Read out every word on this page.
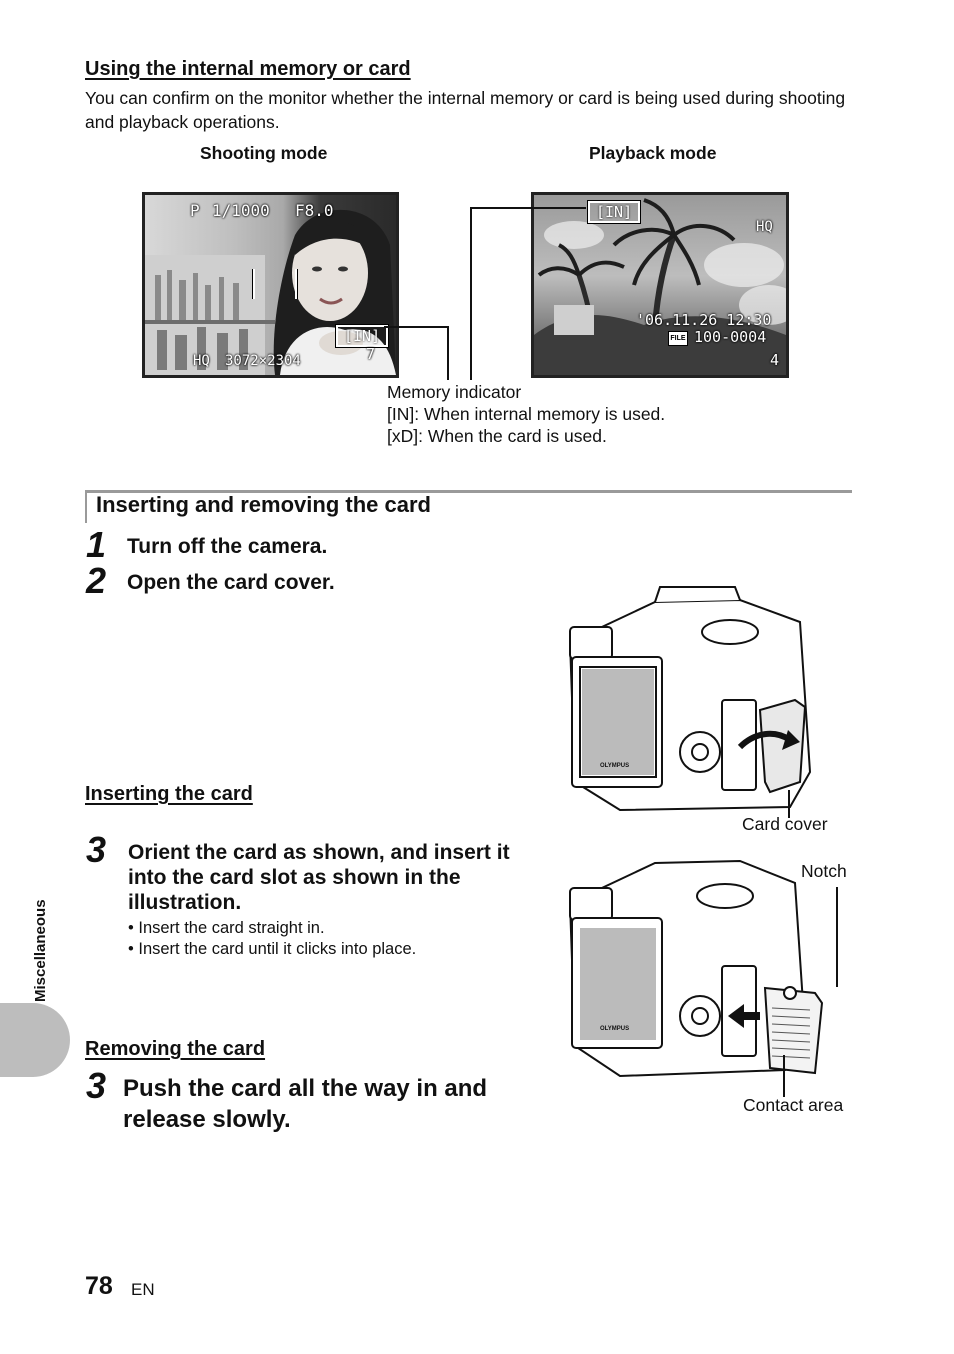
Using the internal memory or card
You can confirm on the monitor whether the internal memory or card is being used during shooting and playback operations.
Shooting mode	Playback mode
P 1/1000 F8.0
[IN]
HQ 3072×2304	7
[IN]
HQ
'06.11.26 12:30
FILE 100-0004
4
Memory indicator
[IN]: When internal memory is used.
[xD]: When the card is used.
Inserting and removing the card
1 Turn off the camera.
2 Open the card cover.
OLYMPUS
Card cover
Inserting the card
3 Orient the card as shown, and insert it
into the card slot as shown in the
illustration.
• Insert the card straight in.
• Insert the card until it clicks into place.
OLYMPUS
Notch
Contact area
Removing the card
3 Push the card all the way in and
release slowly.
Miscellaneous
78 EN
